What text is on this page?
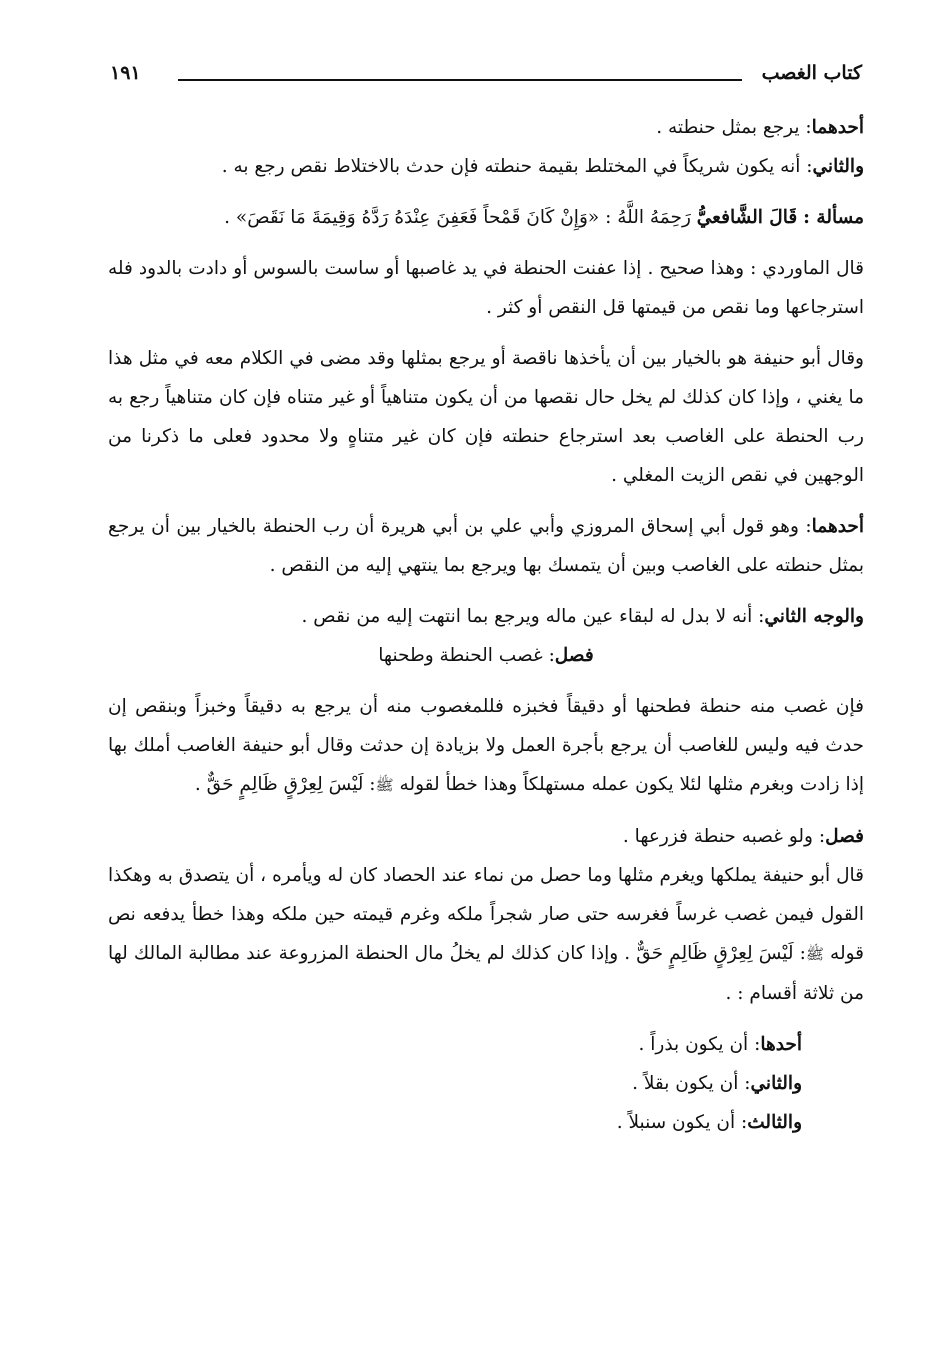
كتاب الغصب
١٩١

أحدهما: يرجع بمثل حنطته .

والثاني: أنه يكون شريكاً في المختلط بقيمة حنطته فإن حدث بالاختلاط نقص رجع به .

مسألة : قَالَ الشَّافعيُّ رَحِمَهُ اللَّهُ : «وَإِنْ كَانَ قَمْحاً فَعَفِنَ عِنْدَهُ رَدَّهُ وَقِيمَةَ مَا نَقَصَ» .

قال الماوردي : وهذا صحيح . إذا عفنت الحنطة في يد غاصبها أو ساست بالسوس أو دادت بالدود فله استرجاعها وما نقص من قيمتها قل النقص أو كثر .

وقال أبو حنيفة هو بالخيار بين أن يأخذها ناقصة أو يرجع بمثلها وقد مضى في الكلام معه في مثل هذا ما يغني ، وإذا كان كذلك لم يخل حال نقصها من أن يكون متناهياً أو غير متناه فإن كان متناهياً رجع به رب الحنطة على الغاصب بعد استرجاع حنطته فإن كان غير متناهٍ ولا محدود فعلى ما ذكرنا من الوجهين في نقص الزيت المغلي .

أحدهما: وهو قول أبي إسحاق المروزي وأبي علي بن أبي هريرة أن رب الحنطة بالخيار بين أن يرجع بمثل حنطته على الغاصب وبين أن يتمسك بها ويرجع بما ينتهي إليه من النقص .

والوجه الثاني: أنه لا بدل له لبقاء عين ماله ويرجع بما انتهت إليه من نقص .

فصل: غصب الحنطة وطحنها

فإن غصب منه حنطة فطحنها أو دقيقاً فخبزه فللمغصوب منه أن يرجع به دقيقاً وخبزاً وبنقص إن حدث فيه وليس للغاصب أن يرجع بأجرة العمل ولا بزيادة إن حدثت وقال أبو حنيفة الغاصب أملك بها إذا زادت وبغرم مثلها لئلا يكون عمله مستهلكاً وهذا خطأ لقوله ﷺ: لَيْسَ لِعِرْقٍ ظَالِمٍ حَقٌّ .

فصل: ولو غصبه حنطة فزرعها .

قال أبو حنيفة يملكها ويغرم مثلها وما حصل من نماء عند الحصاد كان له ويأمره ، أن يتصدق به وهكذا القول فيمن غصب غرساً فغرسه حتى صار شجراً ملكه وغرم قيمته حين ملكه وهذا خطأ يدفعه نص قوله ﷺ: لَيْسَ لِعِرْقٍ ظَالِمٍ حَقٌّ . وإذا كان كذلك لم يخلُ مال الحنطة المزروعة عند مطالبة المالك لها من ثلاثة أقسام : .

أحدها: أن يكون بذراً .

والثاني: أن يكون بقلاً .

والثالث: أن يكون سنبلاً .
